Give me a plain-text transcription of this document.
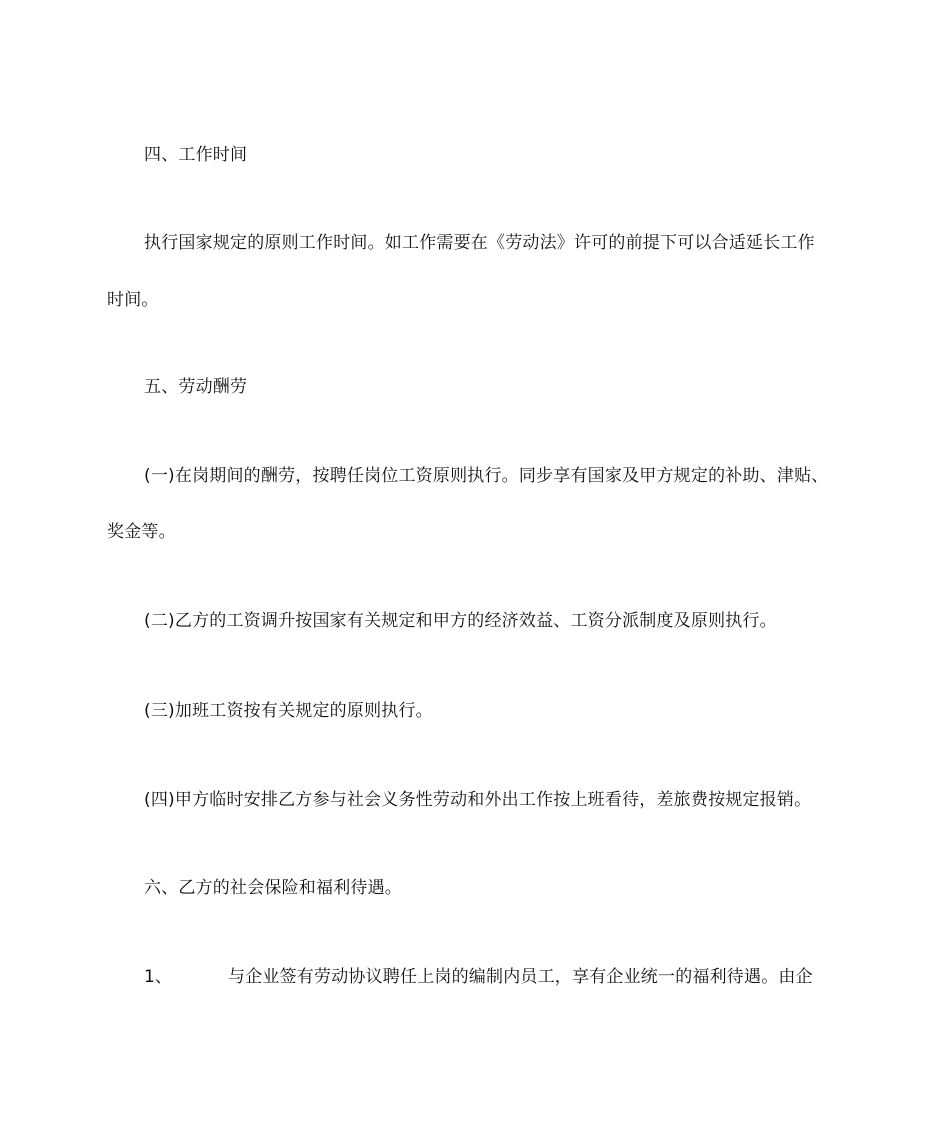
四、工作时间
执行国家规定的原则工作时间。如工作需要在《劳动法》许可的前提下可以合适延长工作
时间。
五、劳动酬劳
(一)在岗期间的酬劳，按聘任岗位工资原则执行。同步享有国家及甲方规定的补助、津贴、
奖金等。
(二)乙方的工资调升按国家有关规定和甲方的经济效益、工资分派制度及原则执行。
(三)加班工资按有关规定的原则执行。
(四)甲方临时安排乙方参与社会义务性劳动和外出工作按上班看待，差旅费按规定报销。
六、乙方的社会保险和福利待遇。
1、	与企业签有劳动协议聘任上岗的编制内员工，享有企业统一的福利待遇。由企
